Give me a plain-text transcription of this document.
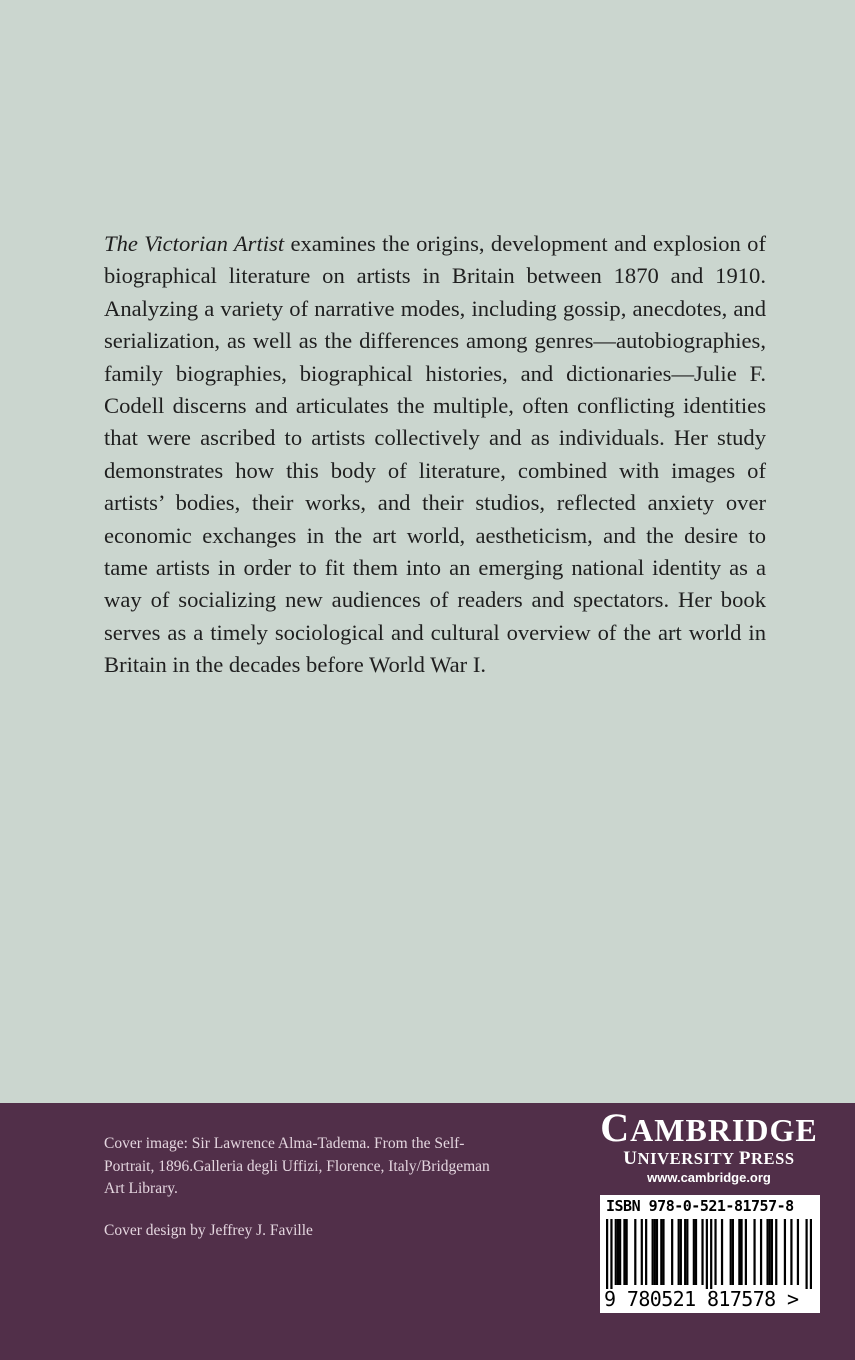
The Victorian Artist examines the origins, development and explosion of biographical literature on artists in Britain between 1870 and 1910. Analyzing a variety of narrative modes, including gossip, anecdotes, and serialization, as well as the differences among genres—autobiographies, family biographies, biographical histories, and dictionaries—Julie F. Codell discerns and articulates the multiple, often conflicting identities that were ascribed to artists collectively and as individuals. Her study demonstrates how this body of literature, combined with images of artists’ bodies, their works, and their studios, reflected anxiety over economic exchanges in the art world, aestheticism, and the desire to tame artists in order to fit them into an emerging national identity as a way of socializing new audiences of readers and spectators. Her book serves as a timely sociological and cultural overview of the art world in Britain in the decades before World War I.

Cover image: Sir Lawrence Alma-Tadema. From the Self-Portrait, 1896.Galleria degli Uffizi, Florence, Italy/Bridgeman Art Library.

Cover design by Jeffrey J. Faville

CAMBRIDGE
UNIVERSITY PRESS
www.cambridge.org
ISBN 978-0-521-81757-8
9 780521 817578 >
